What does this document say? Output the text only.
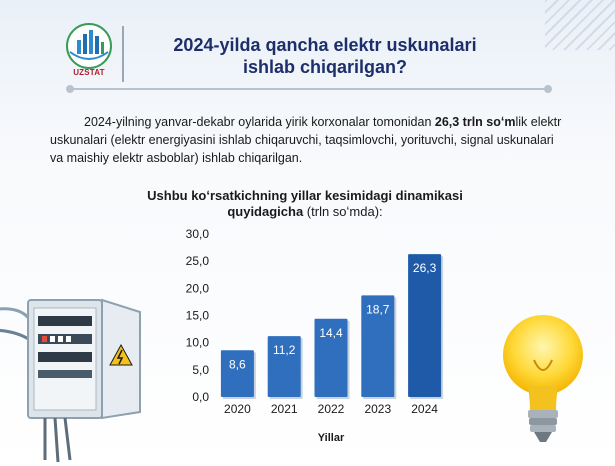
UZSTAT
2024-yilda qancha elektr uskunalari
ishlab chiqarilgan?

2024-yilning yanvar-dekabr oylarida yirik korxonalar tomonidan 26,3 trln soʻmlik elektr uskunalari (elektr energiyasini ishlab chiqaruvchi, taqsimlovchi, yorituvchi, signal uskunalari va maishiy elektr asboblar) ishlab chiqarilgan.

Ushbu koʻrsatkichning yillar kesimidagi dinamikasi
quyidagicha (trln soʻmda):
0,0
5,0
10,0
15,0
20,0
25,0
30,0
8,6
2020
11,2
2021
14,4
2022
18,7
2023
26,3
2024
Yillar
